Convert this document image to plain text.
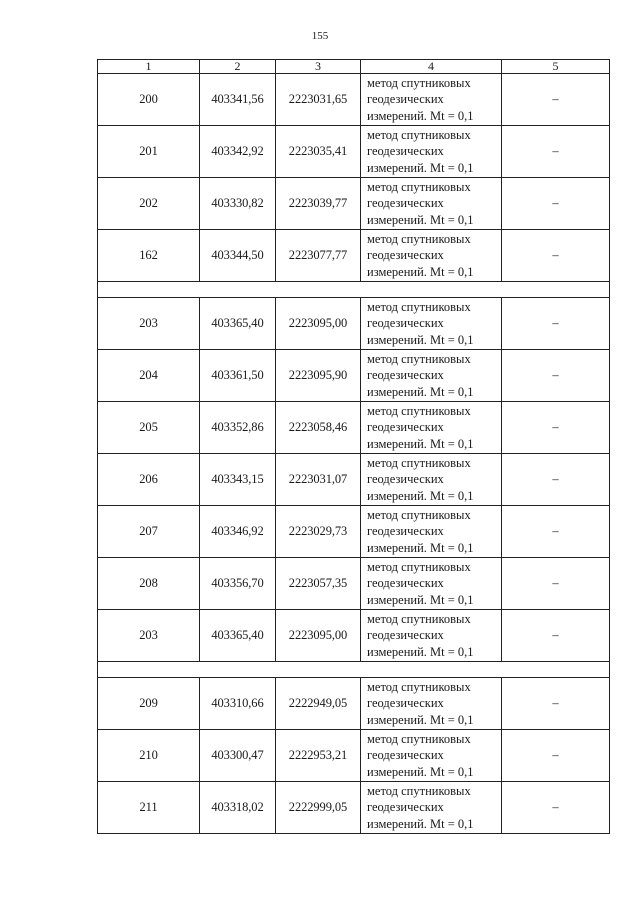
155
1	2	3	4	5
200	403341,56	2223031,65	метод спутниковых
геодезических
измерений. Mt = 0,1	–
201	403342,92	2223035,41	метод спутниковых
геодезических
измерений. Mt = 0,1	–
202	403330,82	2223039,77	метод спутниковых
геодезических
измерений. Mt = 0,1	–
162	403344,50	2223077,77	метод спутниковых
геодезических
измерений. Mt = 0,1	–

203	403365,40	2223095,00	метод спутниковых
геодезических
измерений. Mt = 0,1	–
204	403361,50	2223095,90	метод спутниковых
геодезических
измерений. Mt = 0,1	–
205	403352,86	2223058,46	метод спутниковых
геодезических
измерений. Mt = 0,1	–
206	403343,15	2223031,07	метод спутниковых
геодезических
измерений. Mt = 0,1	–
207	403346,92	2223029,73	метод спутниковых
геодезических
измерений. Mt = 0,1	–
208	403356,70	2223057,35	метод спутниковых
геодезических
измерений. Mt = 0,1	–
203	403365,40	2223095,00	метод спутниковых
геодезических
измерений. Mt = 0,1	–

209	403310,66	2222949,05	метод спутниковых
геодезических
измерений. Mt = 0,1	–
210	403300,47	2222953,21	метод спутниковых
геодезических
измерений. Mt = 0,1	–
211	403318,02	2222999,05	метод спутниковых
геодезических
измерений. Mt = 0,1	–
